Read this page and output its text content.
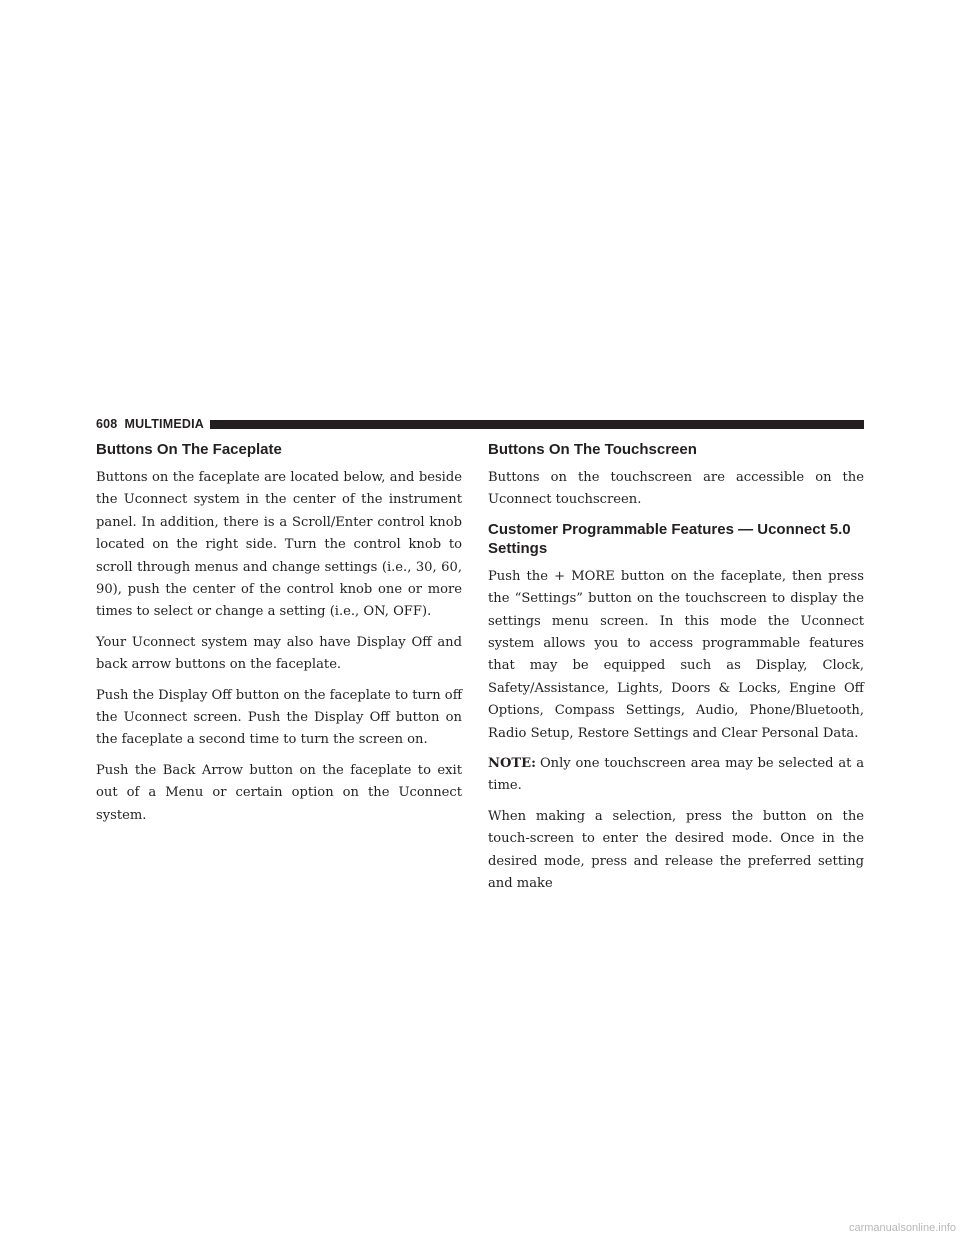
608 MULTIMEDIA
Buttons On The Faceplate

Buttons on the faceplate are located below, and beside the Uconnect system in the center of the instrument panel. In addition, there is a Scroll/Enter control knob located on the right side. Turn the control knob to scroll through menus and change settings (i.e., 30, 60, 90), push the center of the control knob one or more times to select or change a setting (i.e., ON, OFF).

Your Uconnect system may also have Display Off and back arrow buttons on the faceplate.

Push the Display Off button on the faceplate to turn off the Uconnect screen. Push the Display Off button on the faceplate a second time to turn the screen on.

Push the Back Arrow button on the faceplate to exit out of a Menu or certain option on the Uconnect system.

Buttons On The Touchscreen

Buttons on the touchscreen are accessible on the Uconnect touchscreen.

Customer Programmable Features — Uconnect 5.0 Settings

Push the + MORE button on the faceplate, then press the “Settings” button on the touchscreen to display the settings menu screen. In this mode the Uconnect system allows you to access programmable features that may be equipped such as Display, Clock, Safety/Assistance, Lights, Doors & Locks, Engine Off Options, Compass Settings, Audio, Phone/Bluetooth, Radio Setup, Restore Settings and Clear Personal Data.

NOTE: Only one touchscreen area may be selected at a time.

When making a selection, press the button on the touch-screen to enter the desired mode. Once in the desired mode, press and release the preferred setting and make

carmanualsonline.info
